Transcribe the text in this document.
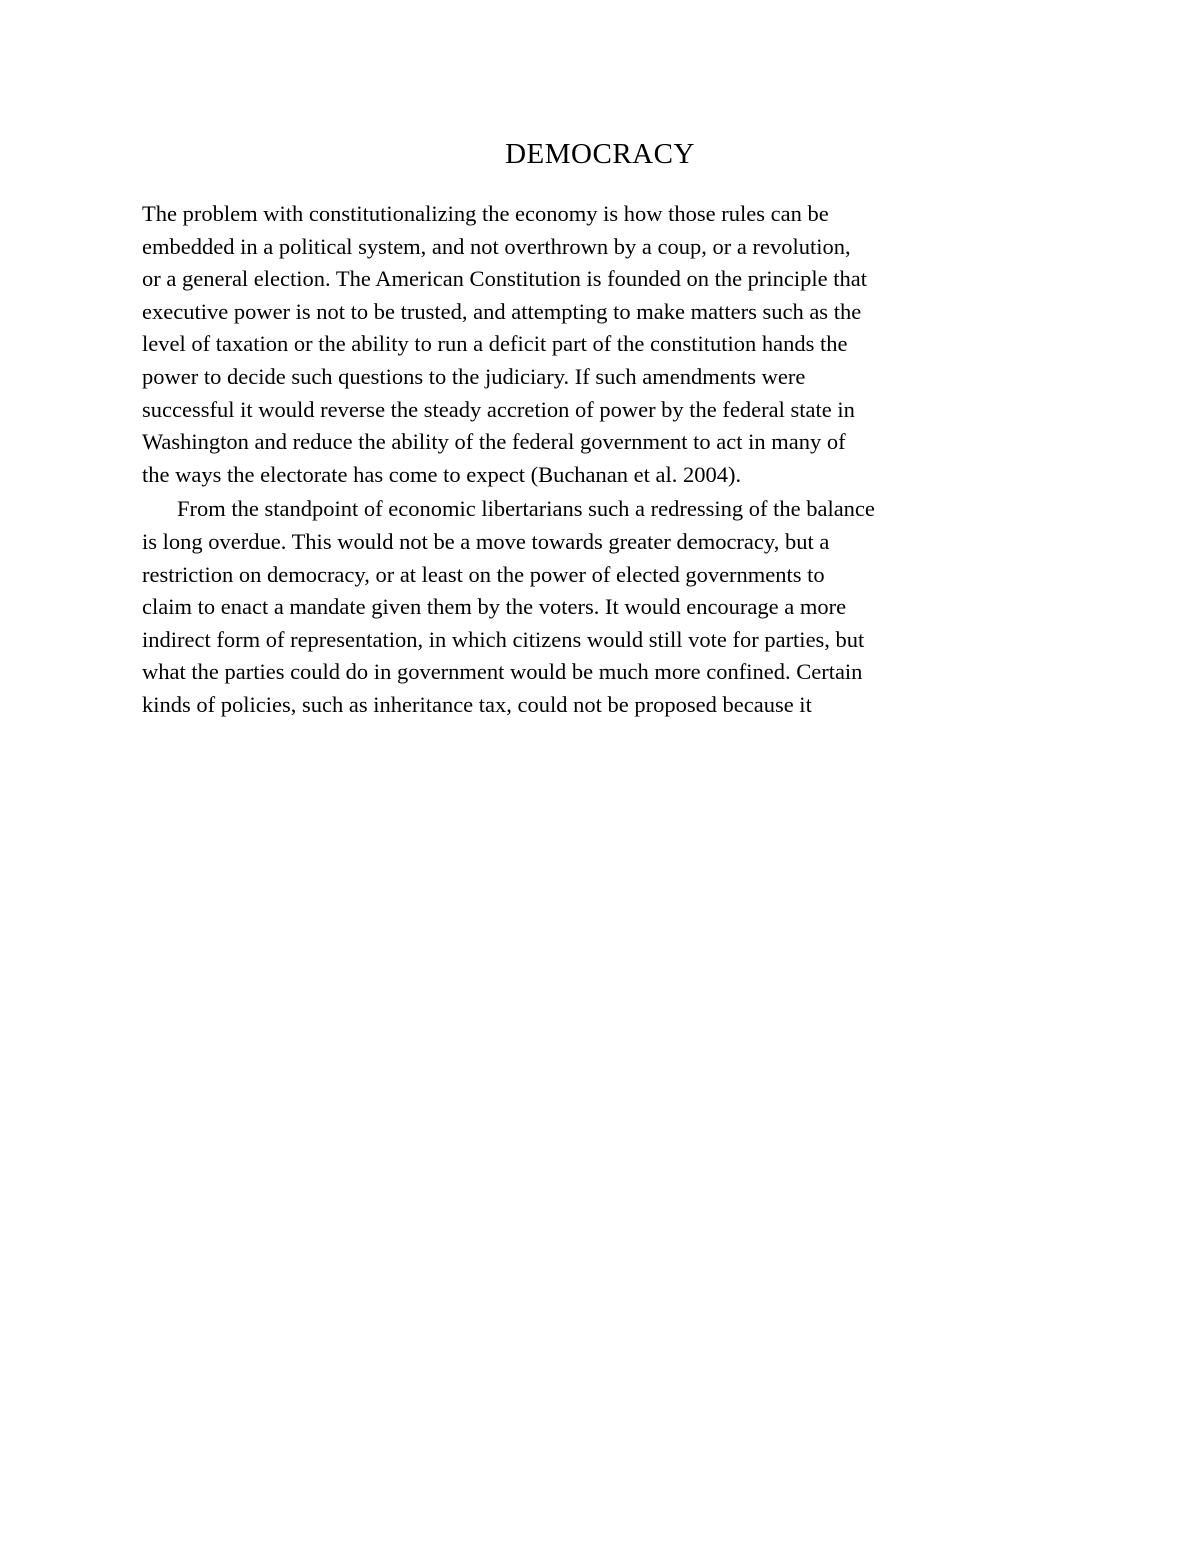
DEMOCRACY
The problem with constitutionalizing the economy is how those rules can be
embedded in a political system, and not overthrown by a coup, or a revolution,
or a general election. The American Constitution is founded on the principle that
executive power is not to be trusted, and attempting to make matters such as the
level of taxation or the ability to run a deficit part of the constitution hands the
power to decide such questions to the judiciary. If such amendments were
successful it would reverse the steady accretion of power by the federal state in
Washington and reduce the ability of the federal government to act in many of
the ways the electorate has come to expect (Buchanan et al. 2004).
From the standpoint of economic libertarians such a redressing of the balance
is long overdue. This would not be a move towards greater democracy, but a
restriction on democracy, or at least on the power of elected governments to
claim to enact a mandate given them by the voters. It would encourage a more
indirect form of representation, in which citizens would still vote for parties, but
what the parties could do in government would be much more confined. Certain
kinds of policies, such as inheritance tax, could not be proposed because it
